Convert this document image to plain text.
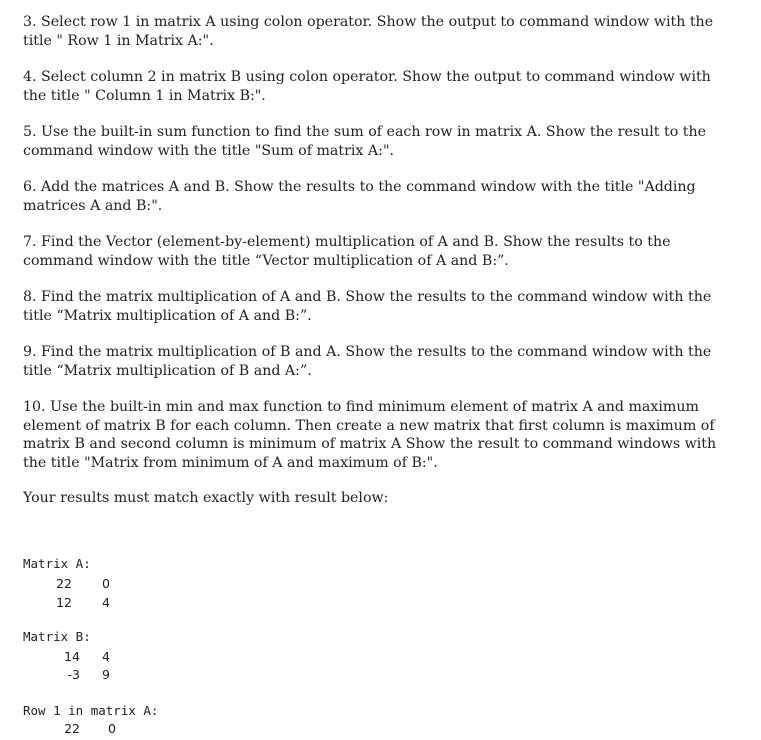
3. Select row 1 in matrix A using colon operator. Show the output to command window with the title " Row 1 in Matrix A:".

4. Select column 2 in matrix B using colon operator. Show the output to command window with the title " Column 1 in Matrix B:".

5. Use the built-in sum function to find the sum of each row in matrix A. Show the result to the command window with the title "Sum of matrix A:".

6. Add the matrices A and B. Show the results to the command window with the title "Adding matrices A and B:".

7. Find the Vector (element-by-element) multiplication of A and B. Show the results to the command window with the title “Vector multiplication of A and B:”.

8. Find the matrix multiplication of A and B. Show the results to the command window with the title “Matrix multiplication of A and B:”.

9. Find the matrix multiplication of B and A. Show the results to the command window with the title “Matrix multiplication of B and A:”.

10. Use the built-in min and max function to find minimum element of matrix A and maximum element of matrix B for each column. Then create a new matrix that first column is maximum of matrix B and second column is minimum of matrix A Show the result to command windows with the title "Matrix from minimum of A and maximum of B:".

Your results must match exactly with result below:

Matrix A:
22	0
12	4
Matrix B:
14	4
-3	9
Row 1 in matrix A:
22	0
